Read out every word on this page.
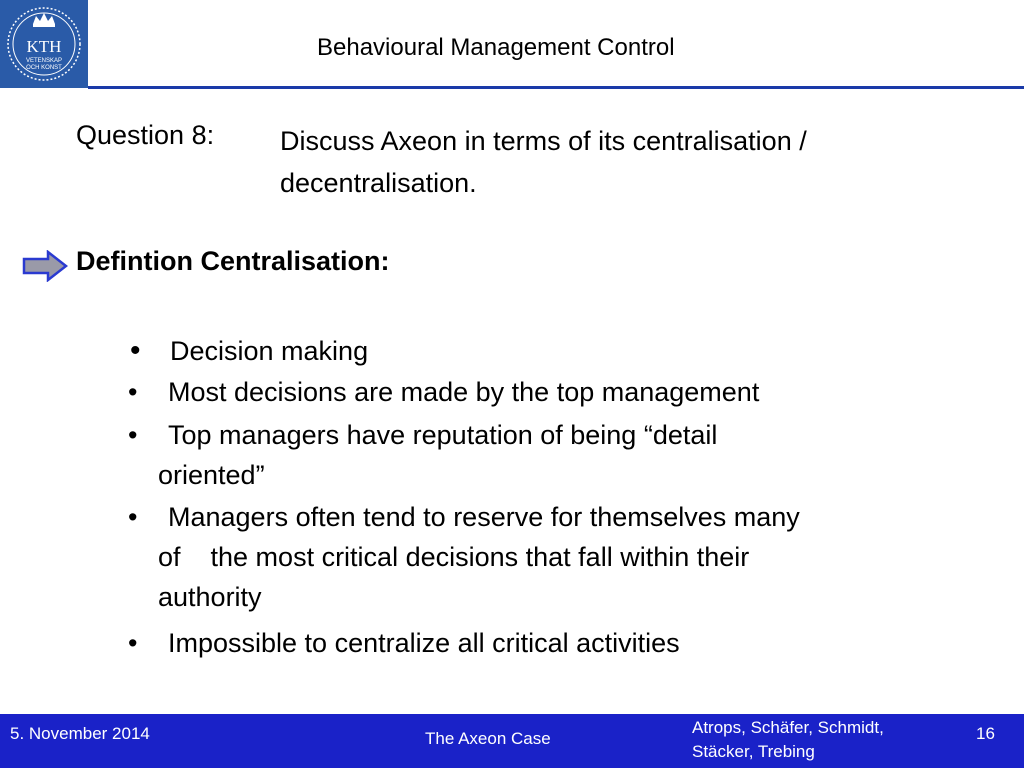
KTH
VETENSKAP
OCH KONST
Behavioural Management Control
Question 8: Discuss Axeon in terms of its centralisation /
decentralisation.
Defintion Centralisation:
• Decision making
• Most decisions are made by the top management
• Top managers have reputation of being “detail
oriented”
• Managers often tend to reserve for themselves many
of    the most critical decisions that fall within their
authority
• Impossible to centralize all critical activities
5. November 2014	The Axeon Case
Atrops, Schäfer, Schmidt,
Stäcker, Trebing
16
